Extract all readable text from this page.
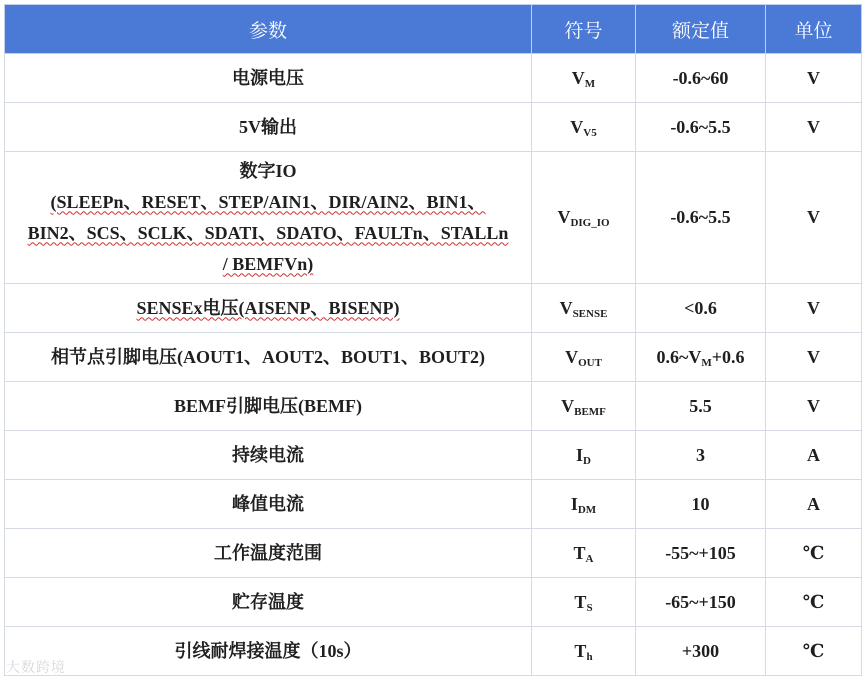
参数	符号	额定值	单位
电源电压	$V_M$	-0.6~60	V
5V输出	$V_{V5}$	-0.6~5.5	V

数字IO
(SLEEPn、RESET、STEP/AIN1、DIR/AIN2、BIN1、
BIN2、SCS、SCLK、SDATI、SDATO、FAULTn、STALLn
/ BEMFVn)	$V_{DIG\_IO}$	-0.6~5.5	V
SENSEx电压(AISENP、BISENP)	$V_{SENSE}$	<0.6	V
相节点引脚电压(AOUT1、AOUT2、BOUT1、BOUT2)	$V_{OUT}$	$0.6\sim V_M+0.6$	V
BEMF引脚电压(BEMF)	$V_{BEMF}$	5.5	V
持续电流	$I_D$	3	A
峰值电流	$I_{DM}$	10	A
工作温度范围	$T_A$	-55~+105	℃
贮存温度	$T_S$	-65~+150	℃
引线耐焊接温度（10s）	$T_h$	+300	℃
大数跨境
